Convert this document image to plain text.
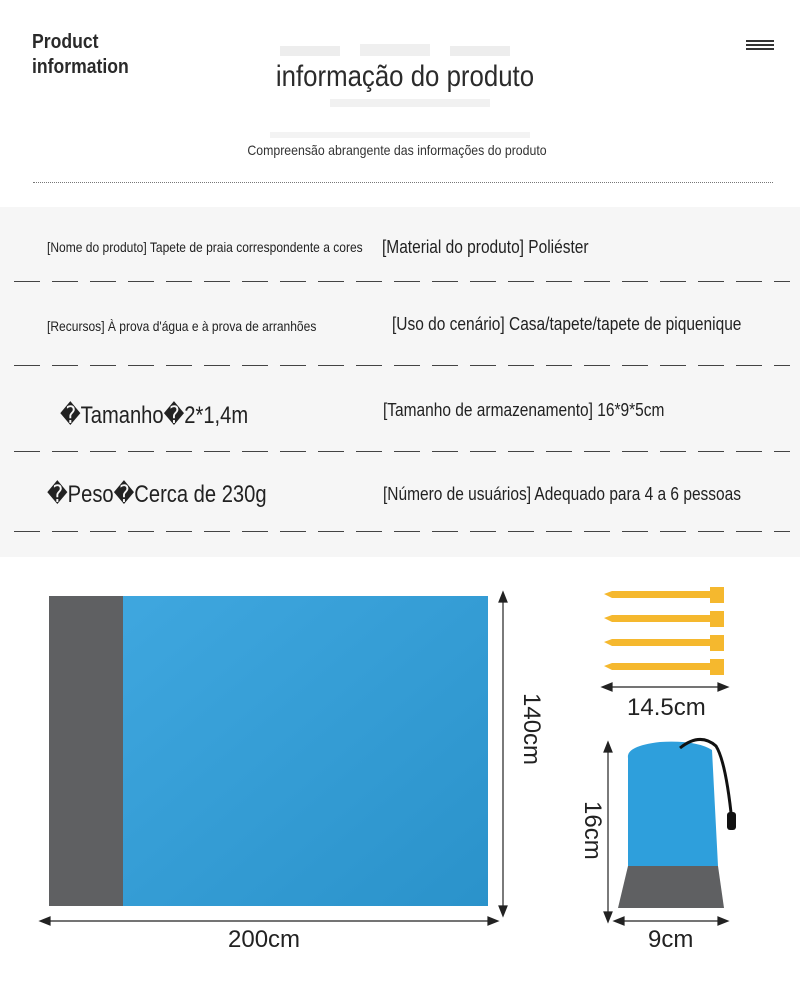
Product
information	informação do produto
Compreensão abrangente das informações do produto
[Nome do produto] Tapete de praia correspondente a cores [Material do produto] Poliéster
[Recursos] À prova d'água e à prova de arranhões	[Uso do cenário] Casa/tapete/tapete de piquenique
�Tamanho�2*1,4m	[Tamanho de armazenamento] 16*9*5cm
�Peso�Cerca de 230g	[Número de usuários] Adequado para 4 a 6 pessoas
200cm
14.5cm
9cm
140cm
16cm
